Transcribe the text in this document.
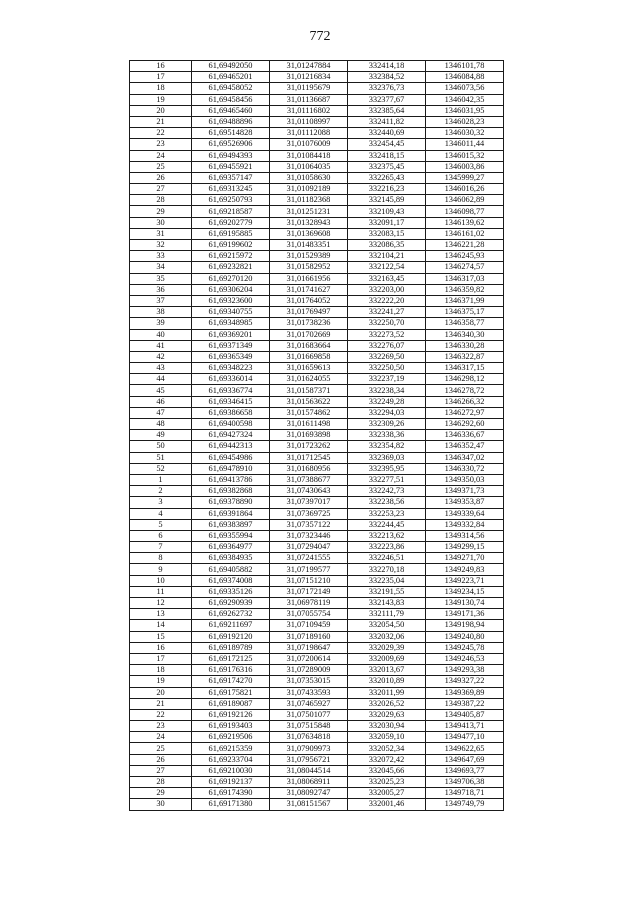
772
16	61,69492050	31,01247884	332414,18	1346101,78
17	61,69465201	31,01216834	332384,52	1346084,88
18	61,69458052	31,01195679	332376,73	1346073,56
19	61,69458456	31,01136687	332377,67	1346042,35
20	61,69465460	31,01116802	332385,64	1346031,95
21	61,69488896	31,01108997	332411,82	1346028,23
22	61,69514828	31,01112088	332440,69	1346030,32
23	61,69526906	31,01076009	332454,45	1346011,44
24	61,69494393	31,01084418	332418,15	1346015,32
25	61,69455921	31,01064035	332375,45	1346003,86
26	61,69357147	31,01058630	332265,43	1345999,27
27	61,69313245	31,01092189	332216,23	1346016,26
28	61,69250793	31,01182368	332145,89	1346062,89
29	61,69218587	31,01251231	332109,43	1346098,77
30	61,69202779	31,01328943	332091,17	1346139,62
31	61,69195885	31,01369608	332083,15	1346161,02
32	61,69199602	31,01483351	332086,35	1346221,28
33	61,69215972	31,01529389	332104,21	1346245,93
34	61,69232821	31,01582952	332122,54	1346274,57
35	61,69270120	31,01661956	332163,45	1346317,03
36	61,69306204	31,01741627	332203,00	1346359,82
37	61,69323600	31,01764052	332222,20	1346371,99
38	61,69340755	31,01769497	332241,27	1346375,17
39	61,69348985	31,01738236	332250,70	1346358,77
40	61,69369201	31,01702669	332273,52	1346340,30
41	61,69371349	31,01683664	332276,07	1346330,28
42	61,69365349	31,01669858	332269,50	1346322,87
43	61,69348223	31,01659613	332250,50	1346317,15
44	61,69336014	31,01624055	332237,19	1346298,12
45	61,69336774	31,01587371	332238,34	1346278,72
46	61,69346415	31,01563622	332249,28	1346266,32
47	61,69386658	31,01574862	332294,03	1346272,97
48	61,69400598	31,01611498	332309,26	1346292,60
49	61,69427324	31,01693898	332338,36	1346336,67
50	61,69442313	31,01723262	332354,82	1346352,47
51	61,69454986	31,01712545	332369,03	1346347,02
52	61,69478910	31,01680956	332395,95	1346330,72
1	61,69413786	31,07388677	332277,51	1349350,03
2	61,69382868	31,07430643	332242,73	1349371,73
3	61,69378890	31,07397017	332238,56	1349353,87
4	61,69391864	31,07369725	332253,23	1349339,64
5	61,69383897	31,07357122	332244,45	1349332,84
6	61,69355994	31,07323446	332213,62	1349314,56
7	61,69364977	31,07294047	332223,86	1349299,15
8	61,69384935	31,07241555	332246,51	1349271,70
9	61,69405882	31,07199577	332270,18	1349249,83
10	61,69374008	31,07151210	332235,04	1349223,71
11	61,69335126	31,07172149	332191,55	1349234,15
12	61,69290939	31,06978119	332143,83	1349130,74
13	61,69262732	31,07055754	332111,79	1349171,36
14	61,69211697	31,07109459	332054,50	1349198,94
15	61,69192120	31,07189160	332032,06	1349240,80
16	61,69189789	31,07198647	332029,39	1349245,78
17	61,69172125	31,07200614	332009,69	1349246,53
18	61,69176316	31,07289009	332013,67	1349293,38
19	61,69174270	31,07353015	332010,89	1349327,22
20	61,69175821	31,07433593	332011,99	1349369,89
21	61,69189087	31,07465927	332026,52	1349387,22
22	61,69192126	31,07501077	332029,63	1349405,87
23	61,69193403	31,07515848	332030,94	1349413,71
24	61,69219506	31,07634818	332059,10	1349477,10
25	61,69215359	31,07909973	332052,34	1349622,65
26	61,69233704	31,07956721	332072,42	1349647,69
27	61,69210030	31,08044514	332045,66	1349693,77
28	61,69192137	31,08068911	332025,23	1349706,38
29	61,69174390	31,08092747	332005,27	1349718,71
30	61,69171380	31,08151567	332001,46	1349749,79
